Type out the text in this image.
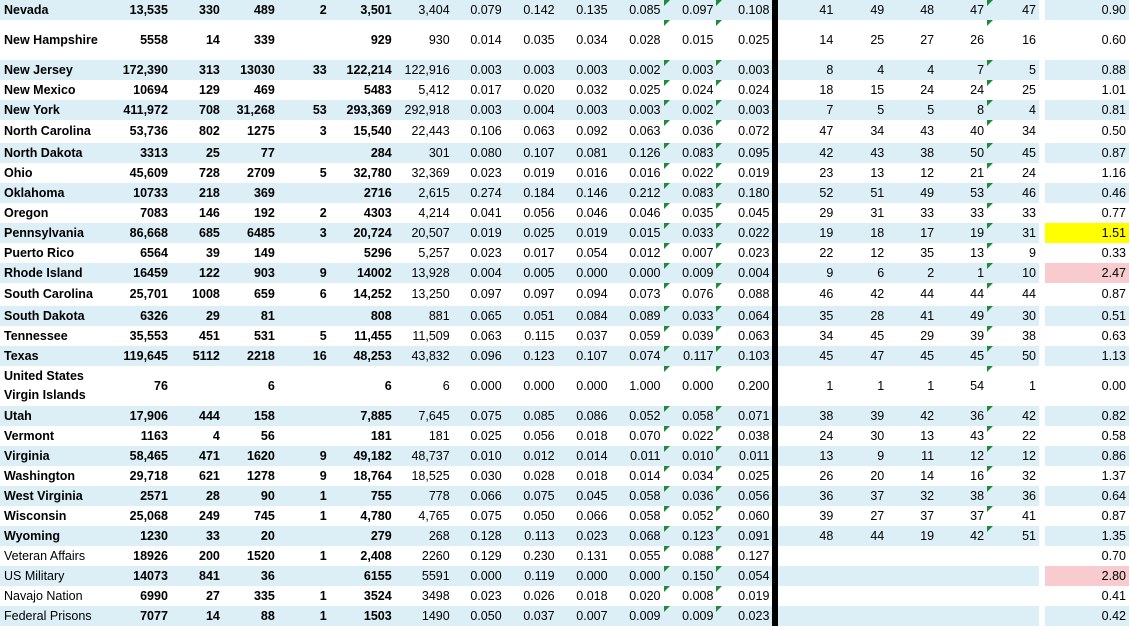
Nevada	13,535	330	489	2	3,501	3,404	0.079	0.142	0.135	0.085	0.097	0.108		41	49	48	47	47		0.90
New Hampshire	5558	14	339		929	930	0.014	0.035	0.034	0.028	0.015	0.025		14	25	27	26	16		0.60
New Jersey	172,390	313	13030	33	122,214	122,916	0.003	0.003	0.003	0.002	0.003	0.003		8	4	4	7	5		0.88
New Mexico	10694	129	469		5483	5,412	0.017	0.020	0.032	0.025	0.024	0.024		18	15	24	24	25		1.01
New York	411,972	708	31,268	53	293,369	292,918	0.003	0.004	0.003	0.003	0.002	0.003		7	5	5	8	4		0.81
North Carolina	53,736	802	1275	3	15,540	22,443	0.106	0.063	0.092	0.063	0.036	0.072		47	34	43	40	34		0.50
North Dakota	3313	25	77		284	301	0.080	0.107	0.081	0.126	0.083	0.095		42	43	38	50	45		0.87
Ohio	45,609	728	2709	5	32,780	32,369	0.023	0.019	0.016	0.016	0.022	0.019		23	13	12	21	24		1.16
Oklahoma	10733	218	369		2716	2,615	0.274	0.184	0.146	0.212	0.083	0.180		52	51	49	53	46		0.46
Oregon	7083	146	192	2	4303	4,214	0.041	0.056	0.046	0.046	0.035	0.045		29	31	33	33	33		0.77
Pennsylvania	86,668	685	6485	3	20,724	20,507	0.019	0.025	0.019	0.015	0.033	0.022		19	18	17	19	31		1.51
Puerto Rico	6564	39	149		5296	5,257	0.023	0.017	0.054	0.012	0.007	0.023		22	12	35	13	9		0.33
Rhode Island	16459	122	903	9	14002	13,928	0.004	0.005	0.000	0.000	0.009	0.004		9	6	2	1	10		2.47
South Carolina	25,701	1008	659	6	14,252	13,250	0.097	0.097	0.094	0.073	0.076	0.088		46	42	44	44	44		0.87
South Dakota	6326	29	81		808	881	0.065	0.051	0.084	0.089	0.033	0.064		35	28	41	49	30		0.51
Tennessee	35,553	451	531	5	11,455	11,509	0.063	0.115	0.037	0.059	0.039	0.063		34	45	29	39	38		0.63
Texas	119,645	5112	2218	16	48,253	43,832	0.096	0.123	0.107	0.074	0.117	0.103		45	47	45	45	50		1.13
United States Virgin Islands	76		6		6	6	0.000	0.000	0.000	1.000	0.000	0.200		1	1	1	54	1		0.00
Utah	17,906	444	158		7,885	7,645	0.075	0.085	0.086	0.052	0.058	0.071		38	39	42	36	42		0.82
Vermont	1163	4	56		181	181	0.025	0.056	0.018	0.070	0.022	0.038		24	30	13	43	22		0.58
Virginia	58,465	471	1620	9	49,182	48,737	0.010	0.012	0.014	0.011	0.010	0.011		13	9	11	12	12		0.86
Washington	29,718	621	1278	9	18,764	18,525	0.030	0.028	0.018	0.014	0.034	0.025		26	20	14	16	32		1.37
West Virginia	2571	28	90	1	755	778	0.066	0.075	0.045	0.058	0.036	0.056		36	37	32	38	36		0.64
Wisconsin	25,068	249	745	1	4,780	4,765	0.075	0.050	0.066	0.058	0.052	0.060		39	27	37	37	41		0.87
Wyoming	1230	33	20		279	268	0.128	0.113	0.023	0.068	0.123	0.091		48	44	19	42	51		1.35
Veteran Affairs	18926	200	1520	1	2,408	2260	0.129	0.230	0.131	0.055	0.088	0.127								0.70
US Military	14073	841	36		6155	5591	0.000	0.119	0.000	0.000	0.150	0.054								2.80
Navajo Nation	6990	27	335	1	3524	3498	0.023	0.026	0.018	0.020	0.008	0.019								0.41
Federal Prisons	7077	14	88	1	1503	1490	0.050	0.037	0.007	0.009	0.009	0.023								0.42
